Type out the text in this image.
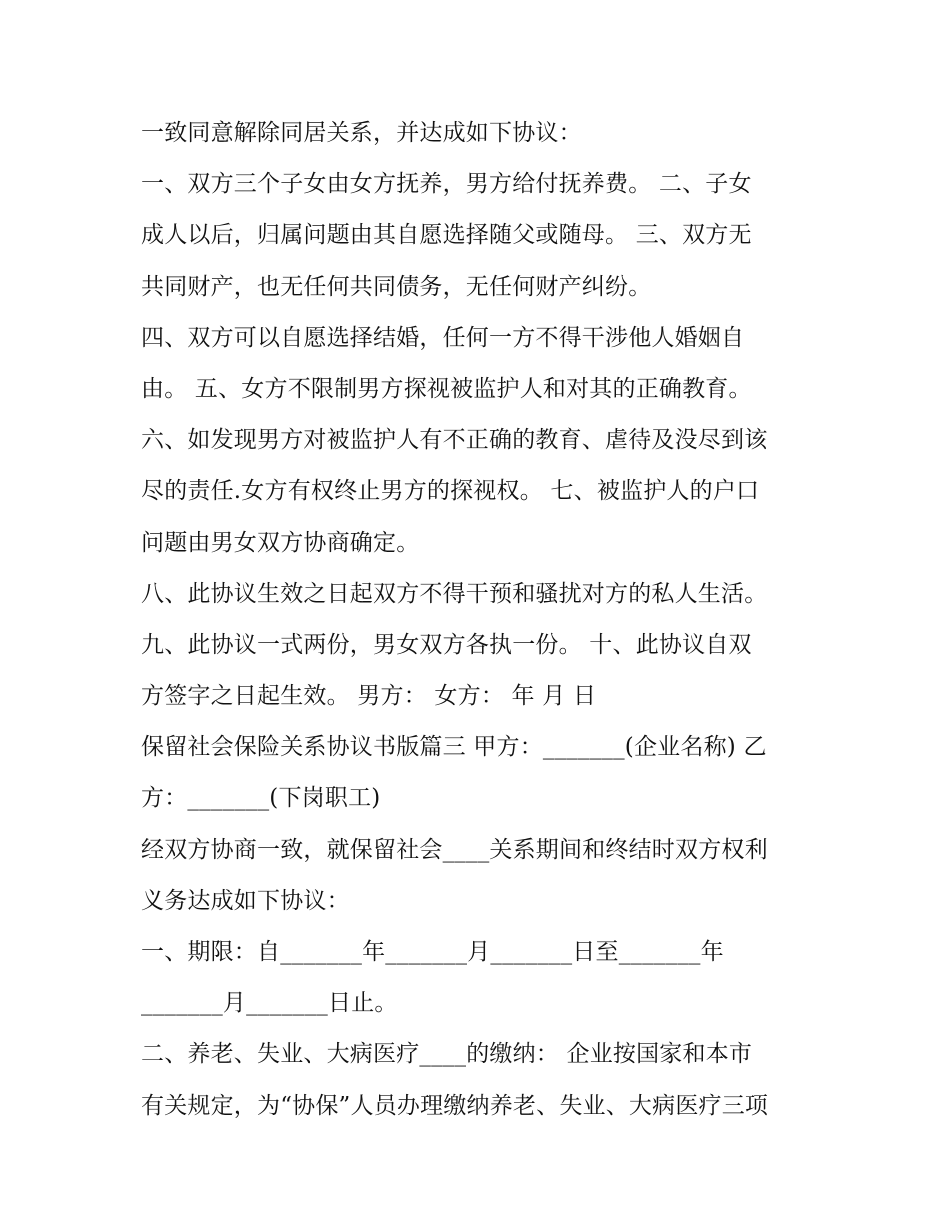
一致同意解除同居关系，并达成如下协议：
一、双方三个子女由女方抚养，男方给付抚养费。 二、子女
成人以后，归属问题由其自愿选择随父或随母。 三、双方无
共同财产，也无任何共同债务，无任何财产纠纷。
四、双方可以自愿选择结婚，任何一方不得干涉他人婚姻自
由。 五、女方不限制男方探视被监护人和对其的正确教育。
六、如发现男方对被监护人有不正确的教育、虐待及没尽到该
尽的责任.女方有权终止男方的探视权。 七、被监护人的户口
问题由男女双方协商确定。
八、此协议生效之日起双方不得干预和骚扰对方的私人生活。
九、此协议一式两份，男女双方各执一份。 十、此协议自双
方签字之日起生效。 男方： 女方： 年 月 日
保留社会保险关系协议书版篇三 甲方：_______(企业名称) 乙
方：_______(下岗职工)
经双方协商一致，就保留社会____关系期间和终结时双方权利
义务达成如下协议：
一、期限：自_______年_______月_______日至_______年
_______月_______日止。
二、养老、失业、大病医疗____的缴纳： 企业按国家和本市
有关规定，为“协保”人员办理缴纳养老、失业、大病医疗三项
